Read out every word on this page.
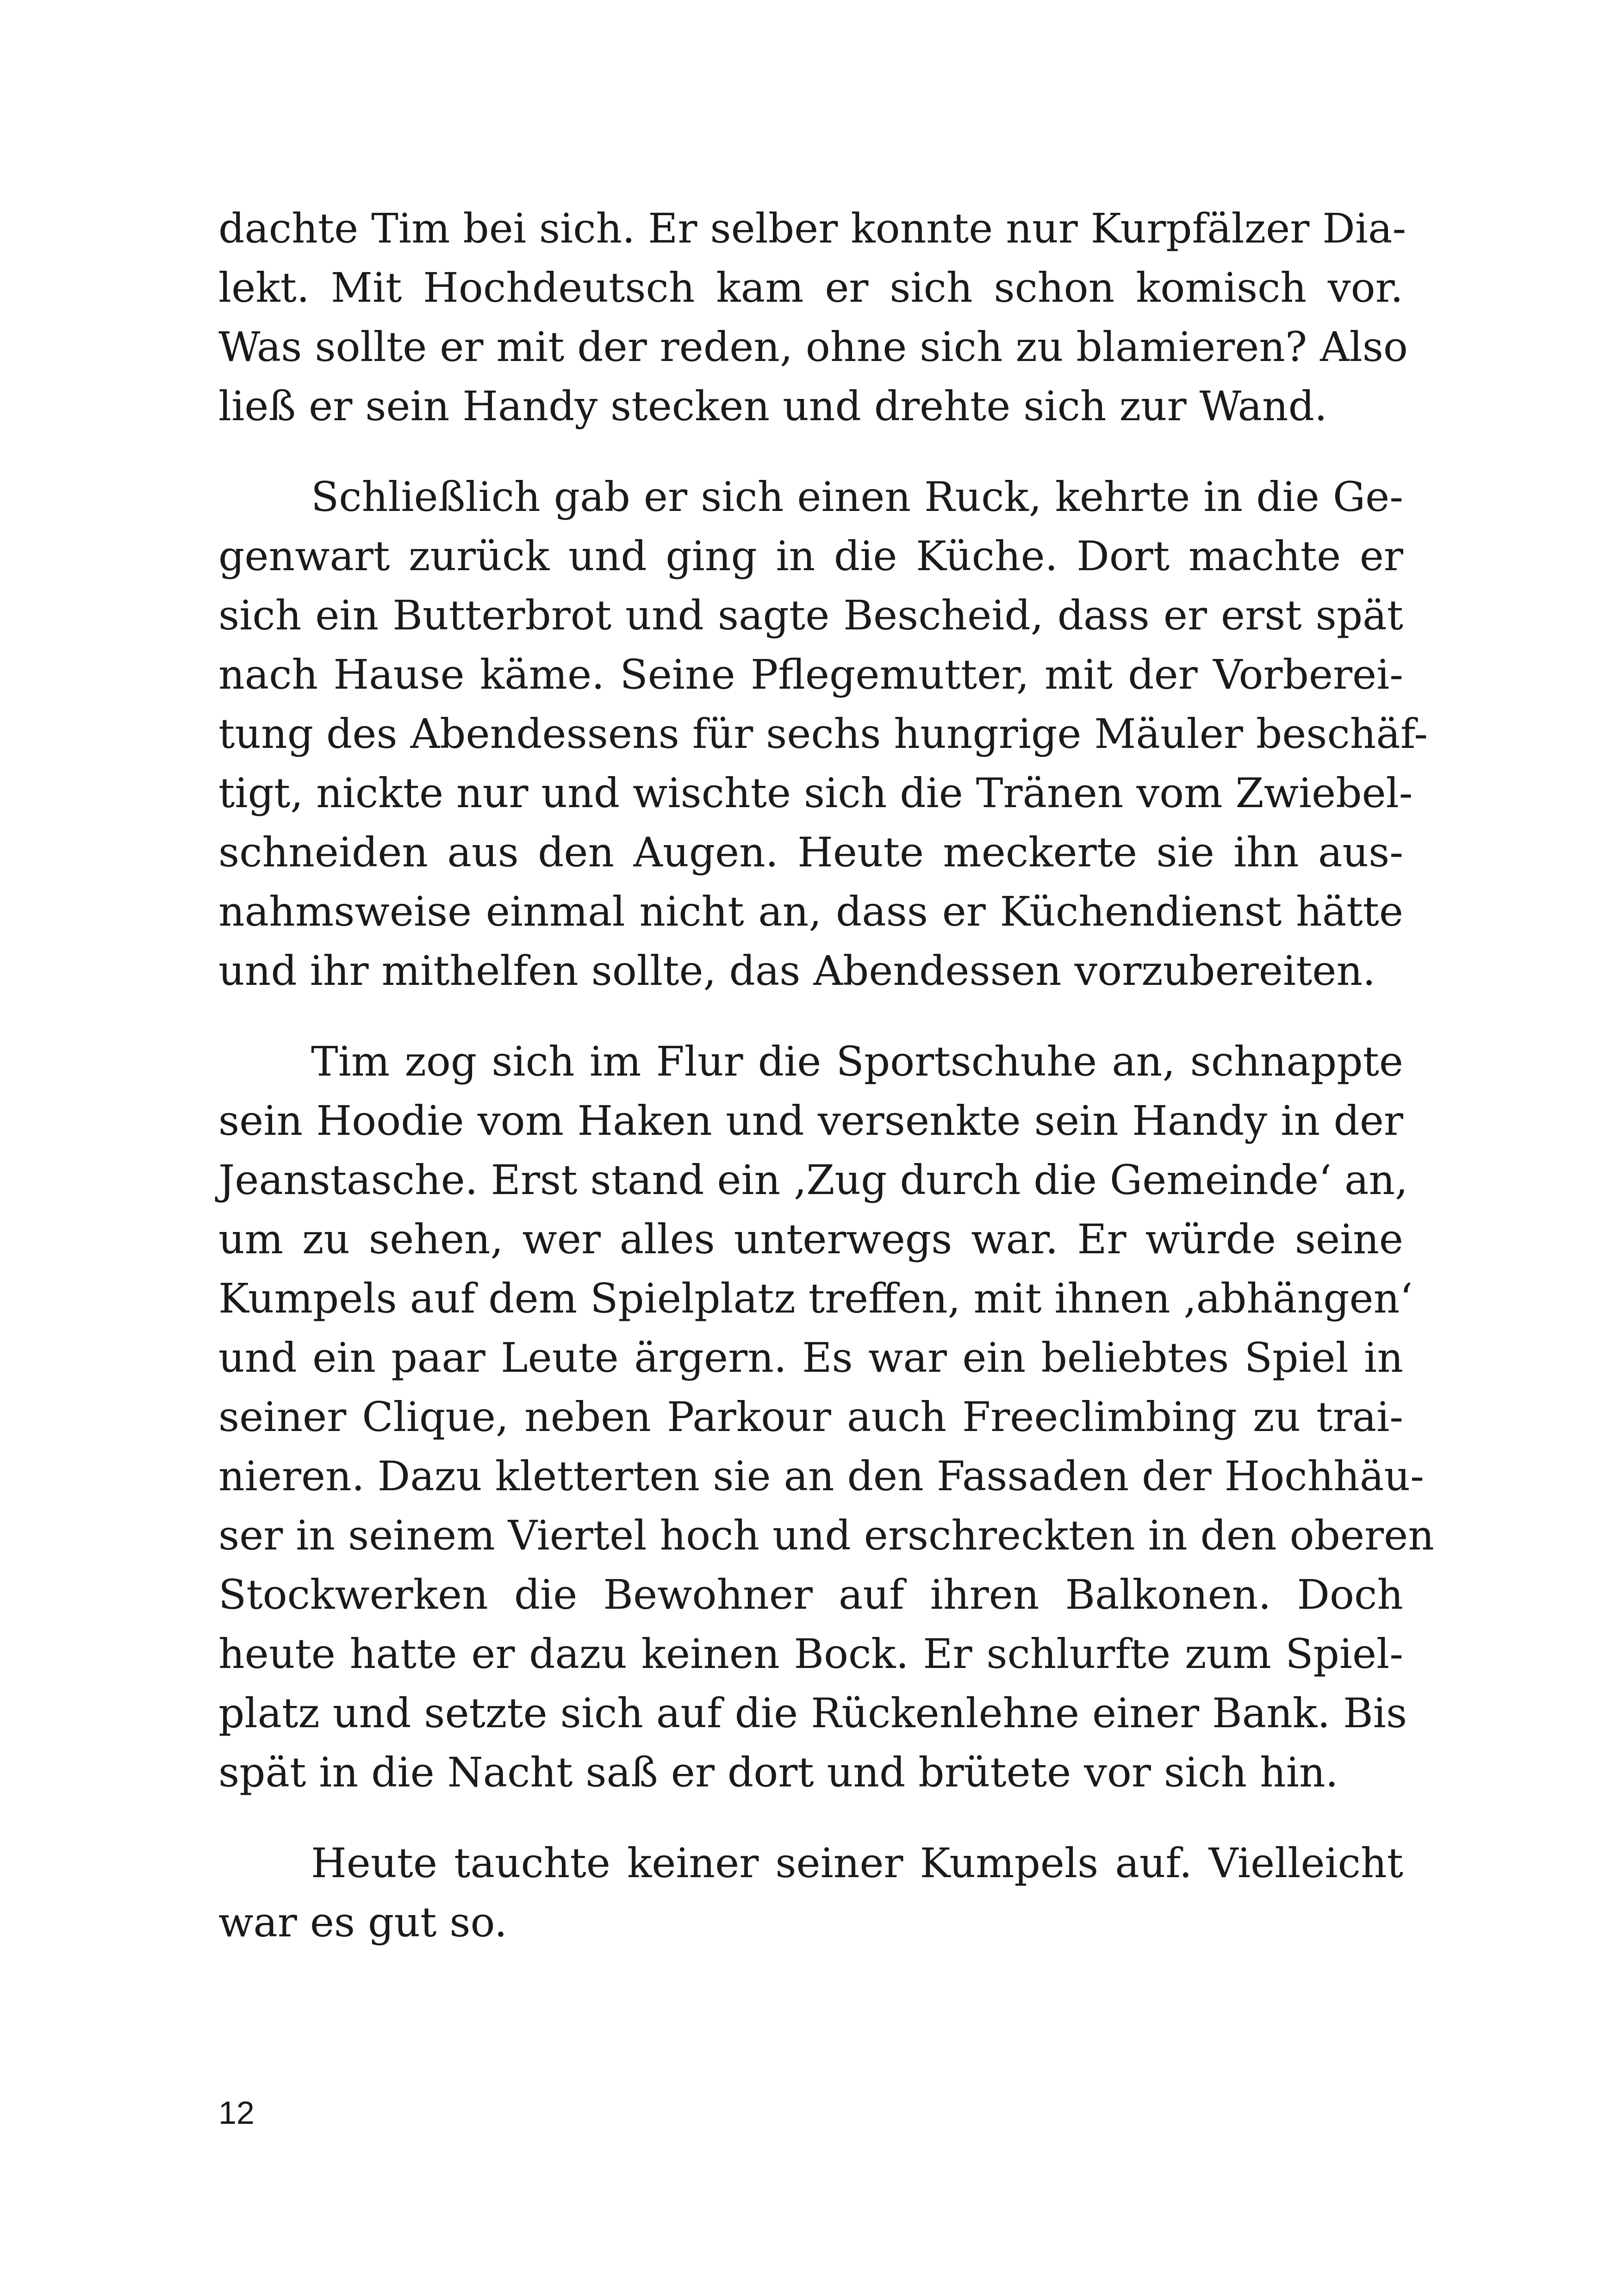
dachte Tim bei sich. Er selber konnte nur Kurpfälzer Dia-
lekt. Mit Hochdeutsch kam er sich schon komisch vor.
Was sollte er mit der reden, ohne sich zu blamieren? Also
ließ er sein Handy stecken und drehte sich zur Wand.
Schließlich gab er sich einen Ruck, kehrte in die Ge-
genwart zurück und ging in die Küche. Dort machte er
sich ein Butterbrot und sagte Bescheid, dass er erst spät
nach Hause käme. Seine Pflegemutter, mit der Vorberei-
tung des Abendessens für sechs hungrige Mäuler beschäf-
tigt, nickte nur und wischte sich die Tränen vom Zwiebel-
schneiden aus den Augen. Heute meckerte sie ihn aus-
nahmsweise einmal nicht an, dass er Küchendienst hätte
und ihr mithelfen sollte, das Abendessen vorzubereiten.
Tim zog sich im Flur die Sportschuhe an, schnappte
sein Hoodie vom Haken und versenkte sein Handy in der
Jeanstasche. Erst stand ein ‚Zug durch die Gemeinde‘ an,
um zu sehen, wer alles unterwegs war. Er würde seine
Kumpels auf dem Spielplatz treffen, mit ihnen ‚abhängen‘
und ein paar Leute ärgern. Es war ein beliebtes Spiel in
seiner Clique, neben Parkour auch Freeclimbing zu trai-
nieren. Dazu kletterten sie an den Fassaden der Hochhäu-
ser in seinem Viertel hoch und erschreckten in den oberen
Stockwerken die Bewohner auf ihren Balkonen. Doch
heute hatte er dazu keinen Bock. Er schlurfte zum Spiel-
platz und setzte sich auf die Rückenlehne einer Bank. Bis
spät in die Nacht saß er dort und brütete vor sich hin.
Heute tauchte keiner seiner Kumpels auf. Vielleicht
war es gut so.
12
